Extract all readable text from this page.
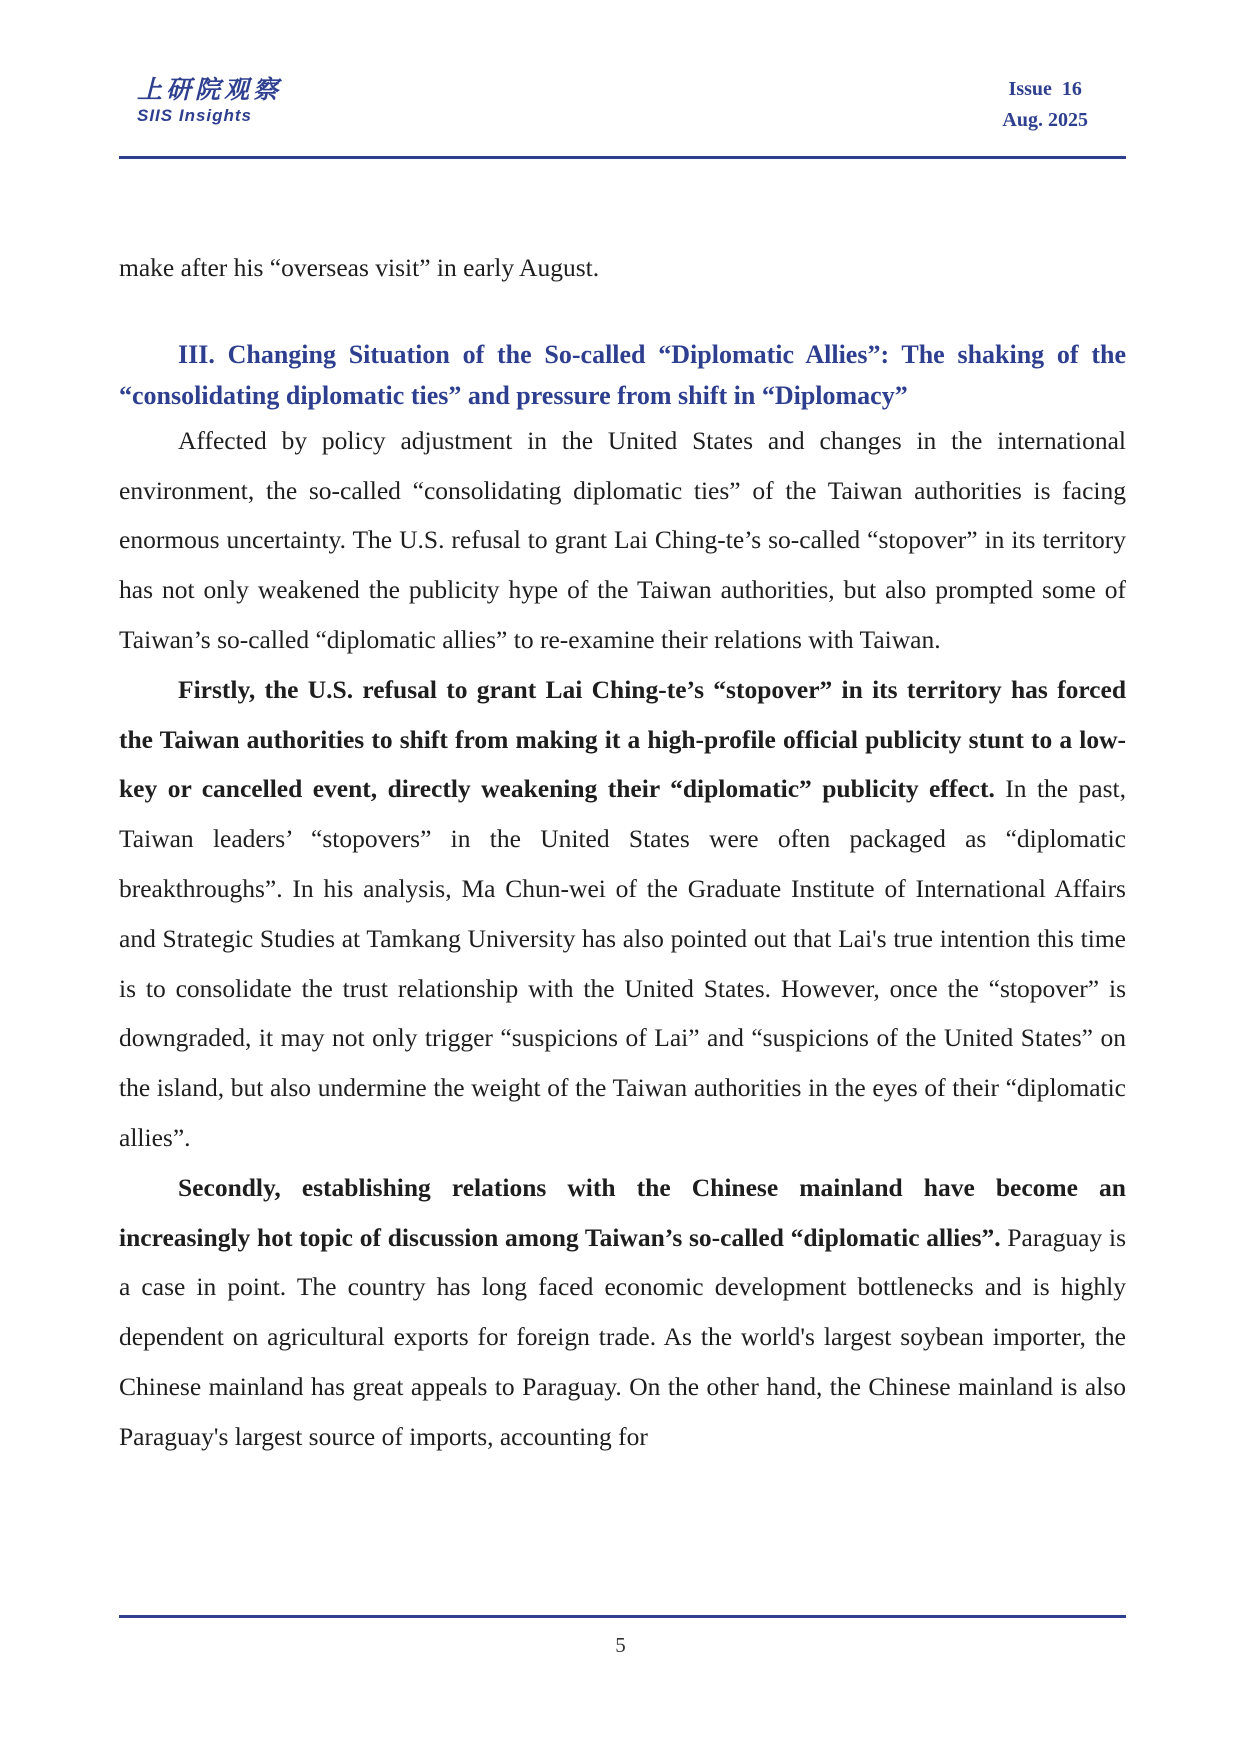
上研院观察
SIIS Insights
Issue  16
Aug. 2025

make after his “overseas visit” in early August.

III. Changing Situation of the So-called “Diplomatic Allies”: The shaking of the “consolidating diplomatic ties” and pressure from shift in “Diplomacy”

Affected by policy adjustment in the United States and changes in the international environment, the so-called “consolidating diplomatic ties” of the Taiwan authorities is facing enormous uncertainty. The U.S. refusal to grant Lai Ching-te’s so-called “stopover” in its territory has not only weakened the publicity hype of the Taiwan authorities, but also prompted some of Taiwan’s so-called “diplomatic allies” to re-examine their relations with Taiwan.

Firstly, the U.S. refusal to grant Lai Ching-te’s “stopover” in its territory has forced the Taiwan authorities to shift from making it a high-profile official publicity stunt to a low-key or cancelled event, directly weakening their “diplomatic” publicity effect. In the past, Taiwan leaders’ “stopovers” in the United States were often packaged as “diplomatic breakthroughs”. In his analysis, Ma Chun-wei of the Graduate Institute of International Affairs and Strategic Studies at Tamkang University has also pointed out that Lai's true intention this time is to consolidate the trust relationship with the United States. However, once the “stopover” is downgraded, it may not only trigger “suspicions of Lai” and “suspicions of the United States” on the island, but also undermine the weight of the Taiwan authorities in the eyes of their “diplomatic allies”.

Secondly, establishing relations with the Chinese mainland have become an increasingly hot topic of discussion among Taiwan’s so-called “diplomatic allies”. Paraguay is a case in point. The country has long faced economic development bottlenecks and is highly dependent on agricultural exports for foreign trade. As the world's largest soybean importer, the Chinese mainland has great appeals to Paraguay. On the other hand, the Chinese mainland is also Paraguay's largest source of imports, accounting for

5
